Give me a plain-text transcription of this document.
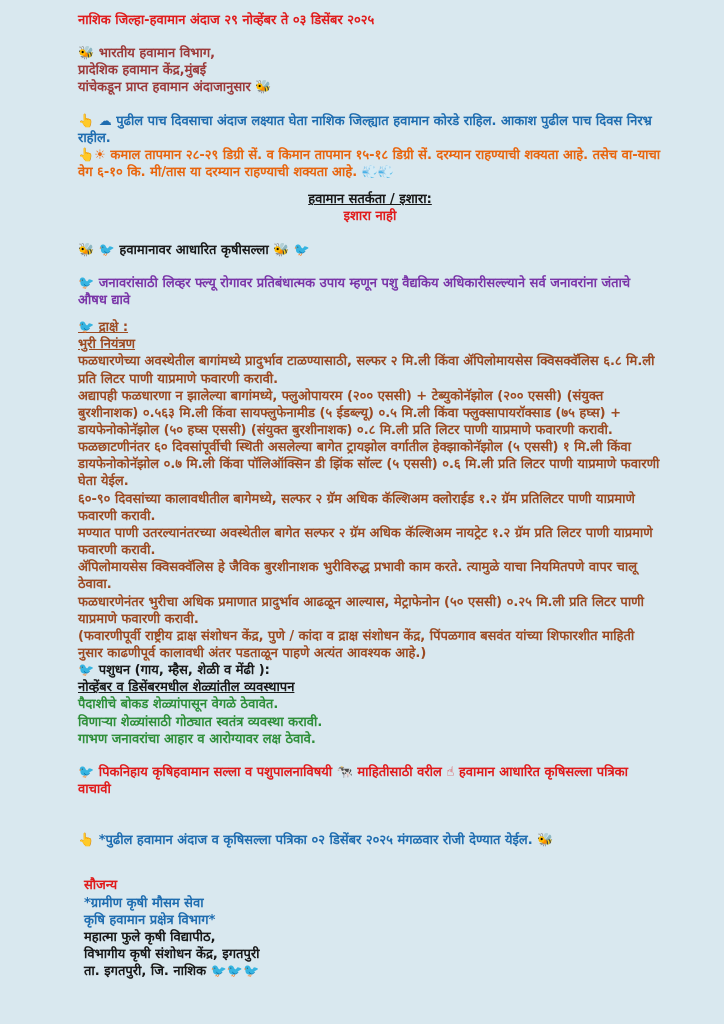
नाशिक जिल्हा-हवामान अंदाज २९ नोव्हेंबर ते ०३ डिसेंबर २०२५
🐝 भारतीय हवामान विभाग,
प्रादेशिक हवामान केंद्र,मुंबई
यांचेकडून प्राप्त हवामान अंदाजानुसार 🐝
👆 ☁ पुढील पाच दिवसाचा अंदाज लक्ष्यात घेता नाशिक जिल्ह्यात हवामान कोरडे राहिल. आकाश पुढील पाच दिवस निरभ्र राहील.
👆☀ कमाल तापमान २८-२९ डिग्री सें. व किमान तापमान १५-१८ डिग्री सें. दरम्यान राहण्याची शक्यता आहे. तसेच वा-याचा वेग ६-१० कि. मी/तास या दरम्यान राहण्याची शक्यता आहे. 💨💨
हवामान सतर्कता / इशारा:
इशारा नाही
🐝 🐦 हवामानावर आधारित कृषीसल्ला 🐝 🐦
🐦 जनावरांसाठी लिव्हर फ्ल्यू रोगावर प्रतिबंधात्मक उपाय म्हणून पशु वैद्यकिय अधिकारीसल्ल्याने सर्व जनावरांना जंताचे औषध द्यावे
🐦 द्राक्षे :
भुरी नियंत्रण
फळधारणेच्या अवस्थेतील बागांमध्ये प्रादुर्भाव टाळण्यासाठी, सल्फर २ मि.ली किंवा ॲपिलोमायसेस क्विसक्वॅलिस ६.८ मि.ली प्रति लिटर पाणी याप्रमाणे फवारणी करावी.
अद्यापही फळधारणा न झालेल्या बागांमध्ये, फ्लुओपायरम (२०० एससी) + टेब्युकोनॅझोल (२०० एससी) (संयुक्त बुरशीनाशक) ०.५६३ मि.ली किंवा सायफ्लुफेनामीड (५ ईडब्ल्यू) ०.५ मि.ली किंवा फ्लुक्सापायरॉक्साड (७५ हघ्स) + डायफेनोकोनॅझोल (५० हघ्स एससी) (संयुक्त बुरशीनाशक) ०.८ मि.ली प्रति लिटर पाणी याप्रमाणे फवारणी करावी.
फळछाटणीनंतर ६० दिवसांपूर्वीची स्थिती असलेल्या बागेत ट्रायझोल वर्गातील हेक्झाकोनॅझोल (५ एससी) १ मि.ली किंवा डायफेनोकोनॅझोल ०.७ मि.ली किंवा पॉलिऑक्सिन डी झिंक सॉल्ट (५ एससी) ०.६ मि.ली प्रति लिटर पाणी याप्रमाणे फवारणी घेता येईल.
६०-९० दिवसांच्या कालावधीतील बागेमध्ये, सल्फर २ ग्रॅम अधिक कॅल्शिअम क्लोराईड १.२ ग्रॅम प्रतिलिटर पाणी याप्रमाणे फवारणी करावी.
मण्यात पाणी उतरल्यानंतरच्या अवस्थेतील बागेत सल्फर २ ग्रॅम अधिक कॅल्शिअम नायट्रेट १.२ ग्रॅम प्रति लिटर पाणी याप्रमाणे फवारणी करावी.
ॲपिलोमायसेस क्विसक्वॅलिस हे जैविक बुरशीनाशक भुरीविरुद्ध प्रभावी काम करते. त्यामुळे याचा नियमितपणे वापर चालू ठेवावा.
फळधारणेनंतर भुरीचा अधिक प्रमाणात प्रादुर्भाव आढळून आल्यास, मेट्राफेनोन (५० एससी) ०.२५ मि.ली प्रति लिटर पाणी याप्रमाणे फवारणी करावी.
(फवारणीपूर्वी राष्ट्रीय द्राक्ष संशोधन केंद्र, पुणे / कांदा व द्राक्ष संशोधन केंद्र, पिंपळगाव बसवंत यांच्या शिफारशीत माहिती नुसार काढणीपूर्व कालावधी अंतर पडताळून पाहणे अत्यंत आवश्यक आहे.)
🐦 पशुधन (गाय, म्हैस, शेळी व मेंढी ):
नोव्हेंबर व डिसेंबरमधील शेळ्यांतील व्यवस्थापन
पैदाशीचे बोकड शेळ्यांपासून वेगळे ठेवावेत.
विणाऱ्या शेळ्यांसाठी गोठ्यात स्वतंत्र व्यवस्था करावी.
गाभण जनावरांचा आहार व आरोग्यावर लक्ष ठेवावे.
🐦 पिकनिहाय कृषिहवामान सल्ला व पशुपालनाविषयी 🐄 माहितीसाठी वरील ☝ हवामान आधारित कृषिसल्ला पत्रिका वाचावी
👆 *पुढील हवामान अंदाज व कृषिसल्ला पत्रिका ०२ डिसेंबर २०२५ मंगळवार रोजी देण्यात येईल. 🐝
सौजन्य
*ग्रामीण कृषी मौसम सेवा
कृषि हवामान प्रक्षेत्र विभाग*
महात्मा फुले कृषी विद्यापीठ,
विभागीय कृषी संशोधन केंद्र, इगतपुरी
ता. इगतपुरी, जि. नाशिक 🐦🐦🐦
